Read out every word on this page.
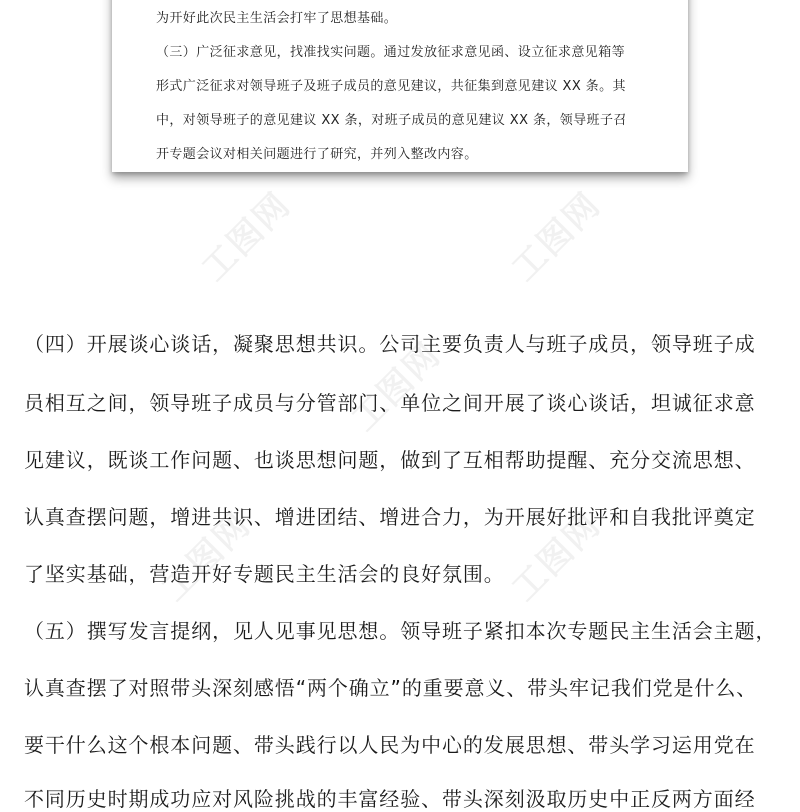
为开好此次民主生活会打牢了思想基础。
（三）广泛征求意见，找准找实问题。通过发放征求意见函、设立征求意见箱等
形式广泛征求对领导班子及班子成员的意见建议，共征集到意见建议 XX 条。其
中，对领导班子的意见建议 XX 条，对班子成员的意见建议 XX 条，领导班子召
开专题会议对相关问题进行了研究，并列入整改内容。
工图网	工图网
工图网
工图网	工图网
（四）开展谈心谈话，凝聚思想共识。公司主要负责人与班子成员，领导班子成
员相互之间，领导班子成员与分管部门、单位之间开展了谈心谈话，坦诚征求意
见建议，既谈工作问题、也谈思想问题，做到了互相帮助提醒、充分交流思想、
认真查摆问题，增进共识、增进团结、增进合力，为开展好批评和自我批评奠定
了坚实基础，营造开好专题民主生活会的良好氛围。
（五）撰写发言提纲，见人见事见思想。领导班子紧扣本次专题民主生活会主题，
认真查摆了对照带头深刻感悟“两个确立”的重要意义、带头牢记我们党是什么、
要干什么这个根本问题、带头践行以人民为中心的发展思想、带头学习运用党在
不同历史时期成功应对风险挑战的丰富经验、带头深刻汲取历史中正反两方面经
